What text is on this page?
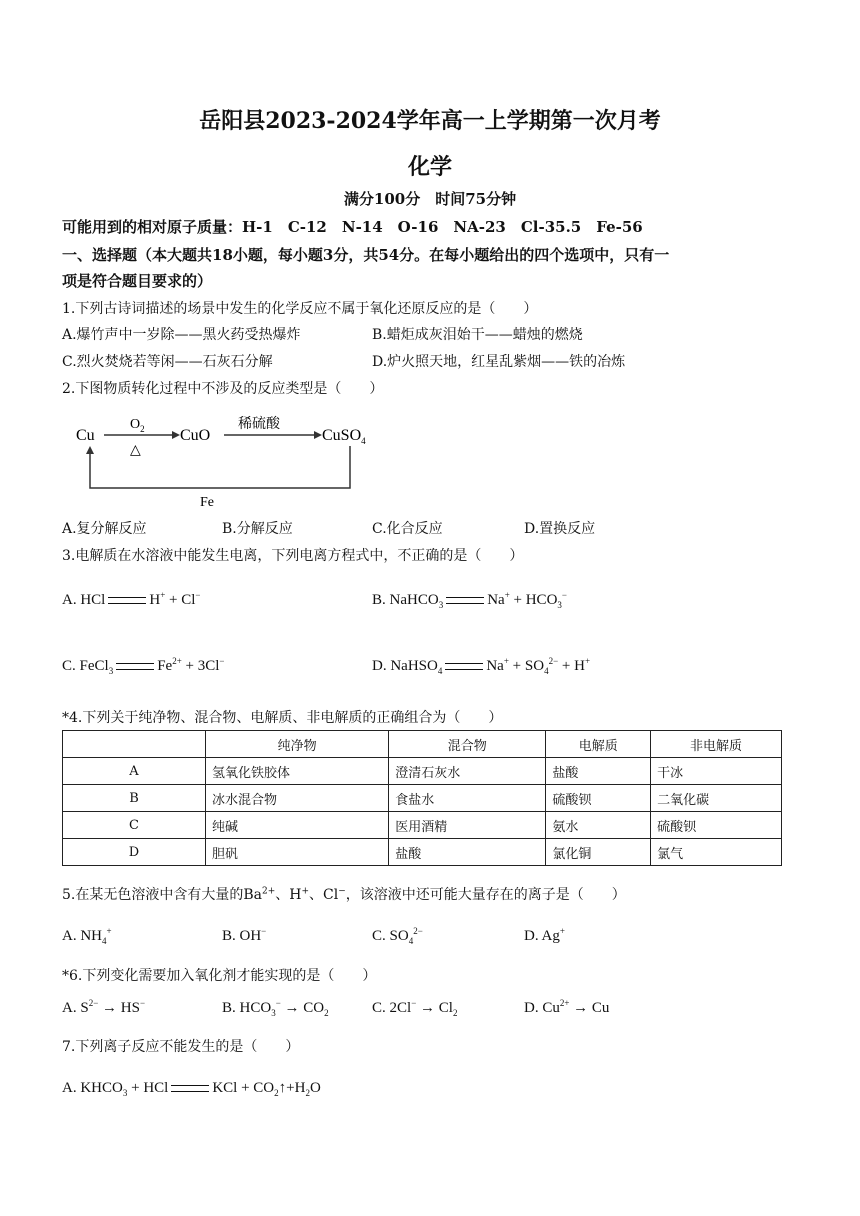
岳阳县2023-2024学年高一上学期第一次月考
化学
满分100分　时间75分钟
可能用到的相对原子质量：H-1　C-12　N-14　O-16　NA-23　Cl-35.5　Fe-56
一、选择题（本大题共18小题，每小题3分，共54分。在每小题给出的四个选项中，只有一
项是符合题目要求的）
1.下列古诗词描述的场景中发生的化学反应不属于氧化还原反应的是（　　）
A.爆竹声中一岁除——黑火药受热爆炸	B.蜡炬成灰泪始干——蜡烛的燃烧
C.烈火焚烧若等闲——石灰石分解	D.炉火照天地，红星乱紫烟——铁的冶炼
2.下图物质转化过程中不涉及的反应类型是（　　）
Cu
$O_2$
△
CuO
稀硫酸
CuSO$_4$
Fe
A.复分解反应	B.分解反应	C.化合反应	D.置换反应
3.电解质在水溶液中能发生电离，下列电离方程式中，不正确的是（　　）
A. HCl	H+ + Cl−	B. NaHCO$_3$	$Na^+ + HCO_3^-$
C. FeCl$_3$	$Fe^{2+} + 3Cl^-$	D. NaHSO$_4$	$Na^+ + SO_4^{2-} + H^+$
*4.下列关于纯净物、混合物、电解质、非电解质的正确组合为（　　）
	纯净物	混合物	电解质	非电解质
A	氢氧化铁胶体	澄清石灰水	盐酸	干冰
B	冰水混合物	食盐水	硫酸钡	二氧化碳
C	纯碱	医用酒精	氨水	硫酸钡
D	胆矾	盐酸	氯化铜	氯气
5.在某无色溶液中含有大量的$Ba^{2+}$、H+、Cl−，该溶液中还可能大量存在的离子是（　　）
A. $NH_4^+$	B. OH−	C. $SO_4^{2-}$	D. Ag+
*6.下列变化需要加入氧化剂才能实现的是（　　）
A. $S^{2-} \to HS^-$	B. $HCO_3^- \to CO_2$	C. $2Cl^- \to Cl_2$	D. $Cu^{2+} \to Cu$
7.下列离子反应不能发生的是（　　）
A. $KHCO_3$ + HCl	KCl + $CO_2↑+H_2O$
